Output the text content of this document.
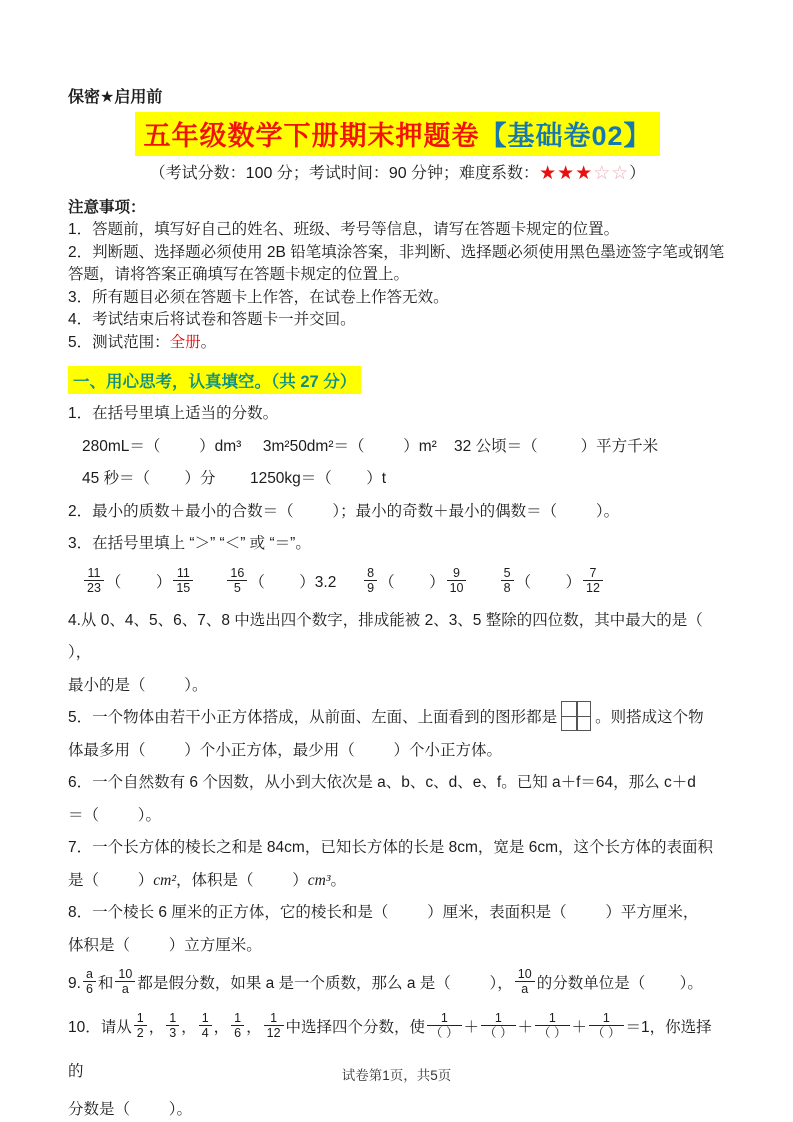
保密★启用前
五年级数学下册期末押题卷【基础卷02】
（考试分数：100 分；考试时间：90 分钟；难度系数：★★★☆☆）
注意事项：
1．答题前，填写好自己的姓名、班级、考号等信息，请写在答题卡规定的位置。
2．判断题、选择题必须使用 2B 铅笔填涂答案，非判断、选择题必须使用黑色墨迹签字笔或钢笔答题，请将答案正确填写在答题卡规定的位置上。
3．所有题目必须在答题卡上作答，在试卷上作答无效。
4．考试结束后将试卷和答题卡一并交回。
5．测试范围：全册。
一、用心思考，认真填空。（共 27 分）
1．在括号里填上适当的分数。
280mL＝（         ）dm³     3m²50dm²＝（         ）m²    32 公顷＝（          ）平方千米
45 秒＝（        ）分        1250kg＝（        ）t
2．最小的质数＋最小的合数＝（         ）；最小的奇数＋最小的偶数＝（         ）。
3．在括号里填上 “＞” “＜” 或 “＝”。
$\frac{11}{23}$ （        ） $\frac{11}{15}$
	$\frac{16}{5}$ （        ）$3.2 \frac{8}{9}$ （        ） $\frac{9}{10}$
	$\frac{5}{8}$ （        ） $\frac{7}{12}$
4.从 0、4、5、6、7、8 中选出四个数字，排成能被 2、3、5 整除的四位数，其中最大的是（         ），
最小的是（         ）。
5．一个物体由若干小正方体搭成，从前面、左面、上面看到的图形都是 。则搭成这个物
体最多用（         ）个小正方体，最少用（         ）个小正方体。
6．一个自然数有 6 个因数，从小到大依次是 a、b、c、d、e、f。已知 a＋f＝64，那么 c＋d
＝（         ）。
7．一个长方体的棱长之和是 84cm，已知长方体的长是 8cm，宽是 6cm，这个长方体的表面积
是（         ）cm²，体积是（         ）cm³。
8．一个棱长 6 厘米的正方体，它的棱长和是（         ）厘米，表面积是（         ）平方厘米，
体积是（         ）立方厘米。
9. $\frac{a}{6}$ 和 $\frac{10}{a}$ 都是假分数，如果 a 是一个质数，那么 a 是（         ）， $\frac{10}{a}$ 的分数单位是（        ）。
10．请从 $\frac{1}{2}$ ， $\frac{1}{3}$ ， $\frac{1}{4}$ ， $\frac{1}{6}$ ， $\frac{1}{12}$ 中选择四个分数，使 $\frac{1}{( )} + \frac{1}{( )} + \frac{1}{( )} + \frac{1}{( )} =1$，你选择的
分数是（         ）。
试卷第1页，共5页
